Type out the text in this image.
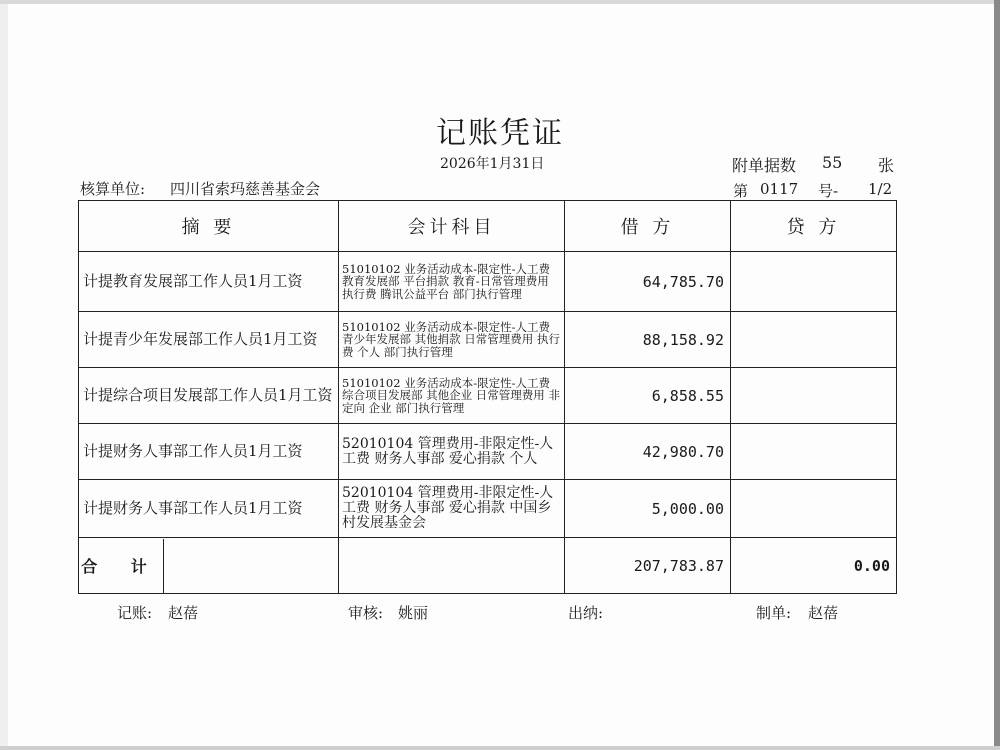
记账凭证
2026年1月31日	附单据数 55 张
核算单位: 四川省索玛慈善基金会	第 0117 号- 1/2
摘 要	会计科目	借 方	贷 方
计提教育发展部工作人员1月工资	51010102 业务活动成本-限定性-人工费 教育发展部 平台捐款 教育-日常管理费用 执行费 腾讯公益平台 部门执行管理	64,785.70	
计提青少年发展部工作人员1月工资	51010102 业务活动成本-限定性-人工费 青少年发展部 其他捐款 日常管理费用 执行费 个人 部门执行管理	88,158.92	
计提综合项目发展部工作人员1月工资	51010102 业务活动成本-限定性-人工费 综合项目发展部 其他企业 日常管理费用 非定向 企业 部门执行管理	6,858.55	
计提财务人事部工作人员1月工资	52010104 管理费用-非限定性-人工费 财务人事部 爱心捐款 个人	42,980.70	
计提财务人事部工作人员1月工资	52010104 管理费用-非限定性-人工费 财务人事部 爱心捐款 中国乡村发展基金会	5,000.00	

合 计		207,783.87	0.00
记账: 赵蓓	审核: 姚丽	出纳:	制单: 赵蓓
